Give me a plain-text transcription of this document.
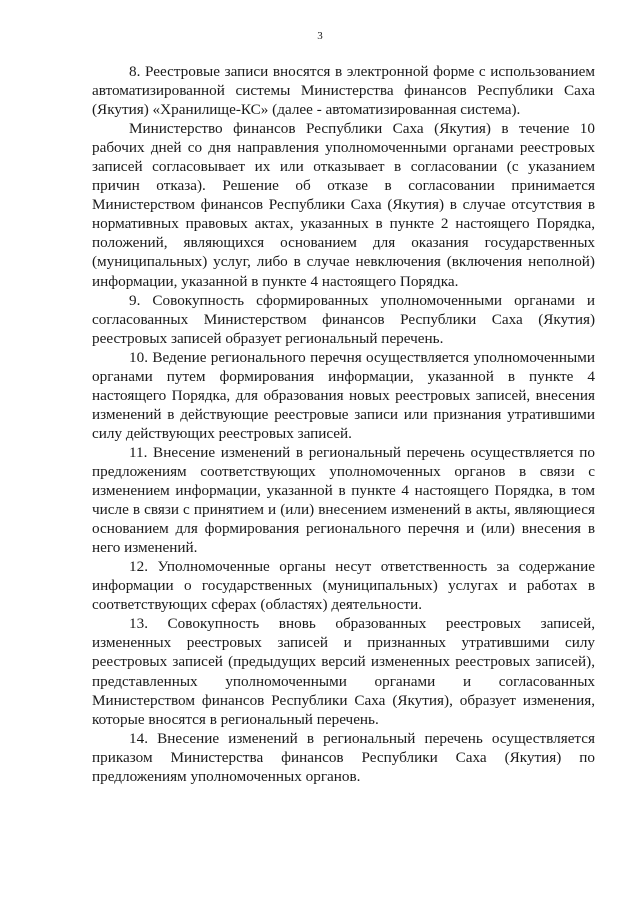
3
8. Реестровые записи вносятся в электронной форме с использованием
автоматизированной системы Министерства финансов Республики Саха
(Якутия) «Хранилище-КС» (далее - автоматизированная система).
Министерство финансов Республики Саха (Якутия) в течение 10
рабочих дней со дня направления уполномоченными органами реестровых
записей согласовывает их или отказывает в согласовании (с указанием
причин отказа). Решение об отказе в согласовании принимается
Министерством финансов Республики Саха (Якутия) в случае отсутствия в
нормативных правовых актах, указанных в пункте 2 настоящего Порядка,
положений, являющихся основанием для оказания государственных
(муниципальных) услуг, либо в случае невключения (включения неполной)
информации, указанной в пункте 4 настоящего Порядка.
9. Совокупность сформированных уполномоченными органами и
согласованных Министерством финансов Республики Саха (Якутия)
реестровых записей образует региональный перечень.
10. Ведение регионального перечня осуществляется уполномоченными
органами путем формирования информации, указанной в пункте 4
настоящего Порядка, для образования новых реестровых записей, внесения
изменений в действующие реестровые записи или признания утратившими
силу действующих реестровых записей.
11. Внесение изменений в региональный перечень осуществляется по
предложениям соответствующих уполномоченных органов в связи с
изменением информации, указанной в пункте 4 настоящего Порядка, в том
числе в связи с принятием и (или) внесением изменений в акты, являющиеся
основанием для формирования регионального перечня и (или) внесения в
него изменений.
12. Уполномоченные органы несут ответственность за содержание
информации о государственных (муниципальных) услугах и работах в
соответствующих сферах (областях) деятельности.
13. Совокупность вновь образованных реестровых записей,
измененных реестровых записей и признанных утратившими силу
реестровых записей (предыдущих версий измененных реестровых записей),
представленных уполномоченными органами и согласованных
Министерством финансов Республики Саха (Якутия), образует изменения,
которые вносятся в региональный перечень.
14. Внесение изменений в региональный перечень осуществляется
приказом Министерства финансов Республики Саха (Якутия) по
предложениям уполномоченных органов.
